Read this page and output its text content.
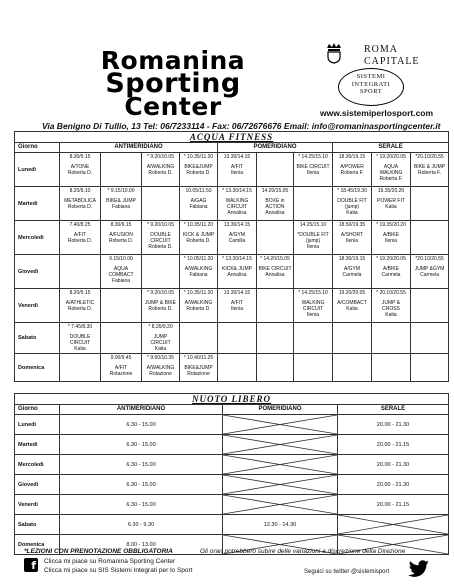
Romanina
Sporting
Center
ROMA
CAPITALE
SISTEMI
INTEGRATI
SPORT
www.sistemiperlosport.com
Via Benigno Di Tullio, 13 Tel: 06/7233114 - Fax: 06/72676676 Email: info@romaninasportingcenter.it
ACQUA FITNESS										
Giorno	ANTIMERIDIANO				POMERIDIANO			SERALE		
Lunedì	8.30/9.15
A/TONE
Roberta D.		* 9.20/10.05
A/WALKING
Roberta D.	* 10.35/11.20
BIKE&JUMP
Roberta D.	13.30/14.15
A/FIT
Ilenia		* 14.25/15.10
BIKE CIRCUIT
Ilenia	18.30/19.15
A/POWER
Roberta F.	* 19.20/20.05
AQUA WALKING
Roberta F.	*20.10/20.55
BIKE & JUMP
Roberta F.

Martedì	8.20/9.10
METABOLICA
Roberta D.	* 9.15/10.00
BIKE& JUMP
Fabiana		10.05/11.50
A/GAG
Fabiana	* 13.30/14.15
WALKING CIRCUIT
Annalisa	14.20/15.05
BOXE in ACTION
Annalisa		* 18.45/19.30
DOUBLE FIT (jump)
Katia	19.35/20.20
POWER FIT
Katia	

Mercoledì	7.40/8.25
A/FIT
Roberta D.	8.30/9.15
A/FUSION
Roberta D.	* 9.20/10.05
DOUBLE CIRCUIT
Roberta D.	* 10.35/11.20
KICK & JUMP
Roberta D.	13.30/14.15
A/GYM
Camilla		14.25/15.10
*DOUBLE FIT (jump)
Ilenia	18.50/19.35
A/SHORT
Ilenia	* 19.35/20.20
A/BIKE
Ilenia	

Giovedì		9.15/10.00
AQUA COMBACT
Fabiana		* 10.05/11.20
A/WALKING
Fabiana	* 13.30/14.15
KICK& JUMP
Annalisa	* 14.20/15.05
BIKE CIRCUIT
Annalisa		18.30/19.15
A/GYM
Carmela	* 19.20/20.05
A/BIKE
Carmela	*20.10/20.55
JUMP &GYM
Carmela

Venerdì	8.20/9.15
A/ATHLETIC
Roberta D.		* 9.20/10.05
JUMP & BIKE
Roberta D.	* 10.35/11.20
A/WALKING
Roberta D.	13.30/14.15
A/FIT
Ilenia		* 14.25/15.10
WALKING CIRCUIT
Ilenia	19.20/20.05
A/COMBACT
Katia	* 20.10/20.55
JUMP & CROSS
Katia	

Sabato	* 7.45/8.30
DOUBLE CIRCUIT
Katia		* 8.35/9.20
JUMP CIRCUIT
Katia							

Domenica		9.00/9.45
A/FIT
Rotazione	* 9.50/10.35
A/WALKING
Rotazione	* 10.40/11.25
BIKE&JUMP
Rotazione						

NUOTO LIBERO			
Giorno	ANTIMERIDIANO	POMERIDIANO	SERALE
Lunedì	6.30 - 15.00		20.00 - 21.30
Martedì	6.30 - 15.00		20.00 - 21.15
Mercoledì	6.30 - 15.00		20.00 - 21.30
Giovedì	6.30 - 15.00		20.00 - 21.30
Venerdì	6.30 - 15.00		20.00 - 21.15
Sabato	6.30 - 9.30	12.30 - 14.30	

Domenica	8.00 - 13.00	

*LEZIONI CON PRENOTAZIONE OBBLIGATORIA	Gli orari potrebbero subire delle variazioni a discrezione della Direzione
f	Clicca mi piace su Romanina Sporting Center
Clicca mi piace su SIS Sistemi Integrati per lo Sport	Seguici su twitter @sistemisport
